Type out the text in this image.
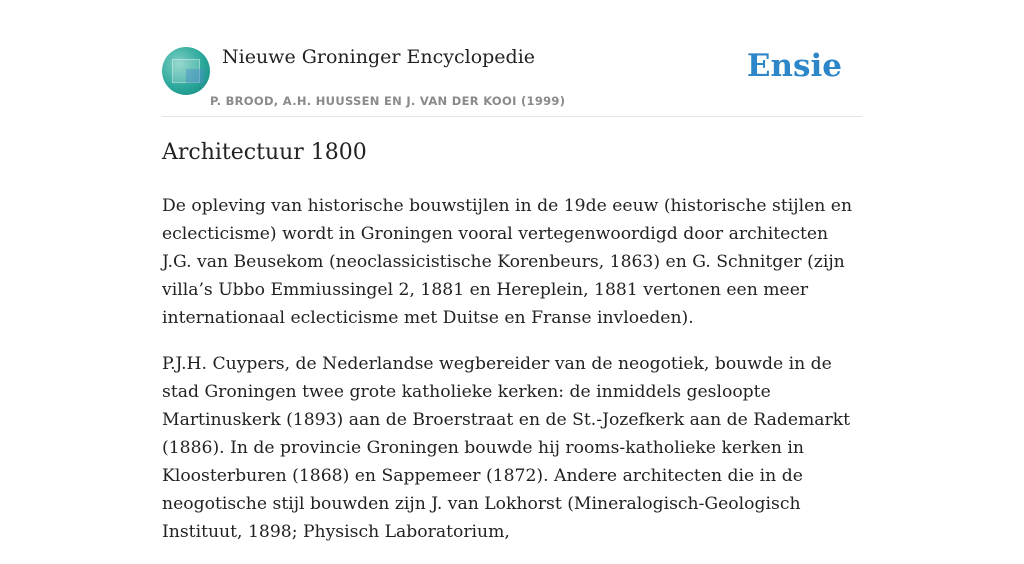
Nieuwe Groninger Encyclopedie
P. BROOD, A.H. HUUSSEN EN J. VAN DER KOOI (1999)
Ensie
Architectuur 1800

De opleving van historische bouwstijlen in de 19de eeuw (historische stijlen en eclecticisme) wordt in Groningen vooral vertegenwoordigd door architecten J.G. van Beusekom (neoclassicistische Korenbeurs, 1863) en G. Schnitger (zijn villa’s Ubbo Emmiussingel 2, 1881 en Hereplein, 1881 vertonen een meer internationaal eclecticisme met Duitse en Franse invloeden).

P.J.H. Cuypers, de Nederlandse wegbereider van de neogotiek, bouwde in de stad Groningen twee grote katholieke kerken: de inmiddels gesloopte Martinuskerk (1893) aan de Broerstraat en de St.-Jozefkerk aan de Rademarkt (1886). In de provincie Groningen bouwde hij rooms-katholieke kerken in Kloosterburen (1868) en Sappemeer (1872). Andere architecten die in de neogotische stijl bouwden zijn J. van Lokhorst (Mineralogisch-Geologisch Instituut, 1898; Physisch Laboratorium,
